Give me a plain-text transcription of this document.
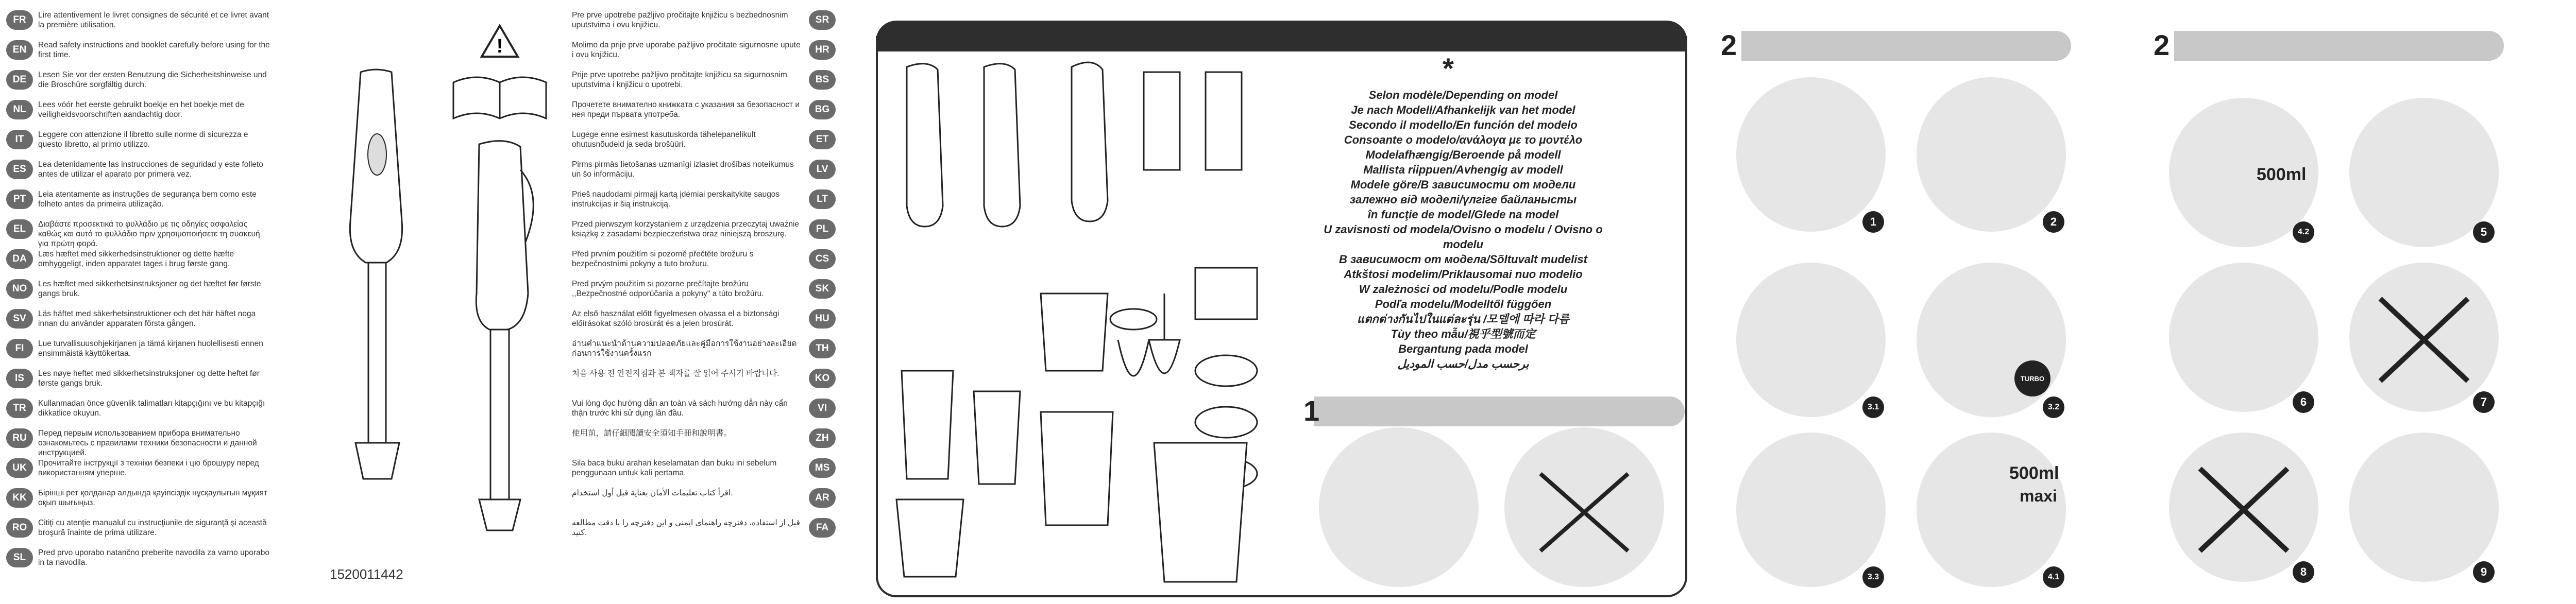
FR	Lire attentivement le livret consignes de sécurité et ce livret avant la première utilisation.
EN	Read safety instructions and booklet carefully before using for the first time.
DE	Lesen Sie vor der ersten Benutzung die Sicherheitshinweise und die Broschüre sorgfältig durch.
NL	Lees vóór het eerste gebruikt boekje en het boekje met de veiligheidsvoorschriften aandachtig door.
IT	Leggere con attenzione il libretto sulle norme di sicurezza e questo libretto, al primo utilizzo.
ES	Lea detenidamente las instrucciones de seguridad y este folleto antes de utilizar el aparato por primera vez.
PT	Leia atentamente as instruções de segurança bem como este folheto antes da primeira utilização.
EL	Διαβάστε προσεκτικά το φυλλάδιο με τις οδηγίες ασφαλείας καθώς και αυτό το φυλλάδιο πριν χρησιμοποιήσετε τη συσκευή για πρώτη φορά.
DA	Læs hæftet med sikkerhedsinstruktioner og dette hæfte omhyggeligt, inden apparatet tages i brug første gang.
NO	Les hæftet med sikkerhetsinstruksjoner og det hæftet før første gangs bruk.
SV	Läs häftet med säkerhetsinstruktioner och det här häftet noga innan du använder apparaten första gången.
FI	Lue turvallisuusohjekirjanen ja tämä kirjanen huolellisesti ennen ensimmäistä käyttökertaa.
IS	Les nøye heftet med sikkerhetsinstruksjoner og dette heftet før første gangs bruk.
TR	Kullanmadan önce güvenlik talimatları kitapçığını ve bu kitapçığı dikkatlice okuyun.
RU	Перед первым использованием прибора внимательно ознакомьтесь с правилами техники безопасности и данной инструкцией.
UK	Прочитайте інструкції з техніки безпеки і цю брошуру перед використанням уперше.
KK	Бірінші рет қолданар алдында қауіпсіздік нұсқаулығын мұқият оқып шығыңыз.
RO	Citiţi cu atenţie manualul cu instrucţiunile de siguranţă şi această broşură înainte de prima utilizare.
SL	Pred prvo uporabo natančno preberite navodila za varno uporabo in ta navodila.
1520011442
!
Pre prve upotrebe pažljivo pročitajte knjižicu s bezbednosnim uputstvima i ovu knjižicu.	SR
Molimo da prije prve uporabe pažljivo pročitate sigurnosne upute i ovu knjižicu.	HR
Prije prve upotrebe pažljivo pročitajte knjižicu sa sigurnosnim uputstvima i knjižicu o upotrebi.	BS
Прочетете внимателно книжката с указания за безопасност и нея преди първата употреба.	BG
Lugege enne esimest kasutuskorda tähelepanelikult ohutusnõudeid ja seda brošüüri.	ET
Pirms pirmās lietošanas uzmanīgi izlasiet drošības noteikumus un šo informāciju.	LV
Prieš naudodami pirmąjį kartą įdėmiai perskaitykite saugos instrukcijas ir šią instrukciją.	LT
Przed pierwszym korzystaniem z urządzenia przeczytaj uważnie książkę z zasadami bezpieczeństwa oraz niniejszą broszurę.	PL
Před prvním použitím si pozorně přečtěte brožuru s bezpečnostními pokyny a tuto brožuru.	CS
Pred prvým použitím si pozorne prečítajte brožúru ,,Bezpečnostné odporúčania a pokyny" a túto brožúru.	SK
Az első használat előtt figyelmesen olvassa el a biztonsági előírásokat szóló brosúrát és a jelen brosúrát.	HU
อ่านคำแนะนำด้านความปลอดภัยและคู่มือการใช้งานอย่างละเอียดก่อนการใช้งานครั้งแรก	TH
처음 사용 전 안전지침과 본 책자를 잘 읽어 주시기 바랍니다.	KO
Vui lòng đọc hướng dẫn an toàn và sách hướng dẫn này cẩn thận trước khi sử dụng lần đầu.	VI
使用前，請仔細閱讀安全須知手冊和說明書。	ZH
Sila baca buku arahan keselamatan dan buku ini sebelum penggunaan untuk kali pertama.	MS
اقرأ كتاب تعليمات الأمان بعناية قبل أول استخدام.	AR
قبل از استفاده، دفترچه راهنمای ایمنی و این دفترچه را با دقت مطالعه کنید.	FA
*
Selon modèle/Depending on model
Je nach Modell/Afhankelijk van het model
Secondo il modello/En función del modelo
Consoante o modelo/ανάλογα με το μοντέλο
Modelafhængig/Beroende på modell
Mallista riippuen/Avhengig av modell
Modele göre/В зависимости от модели
залежно від моделі/үлгіге байланысты
în funcţie de model/Glede na model
U zavisnosti od modela/Ovisno o modelu / Ovisno o modelu
В зависимост от модела/Sõltuvalt mudelist
Atkštosi modelim/Priklausomai nuo modelio
W zależności od modelu/Podle modelu
Podľa modelu/Modelltől függően
แตกต่างกันไปในแต่ละรุ่น /모델에 따라 다름
Tùy theo mẫu/視乎型號而定
Bergantung pada model
برحسب مدل/حسب الموديل
1
2
1	2
3.1	3.2
3.3	4.1
TURBO
500ml
maxi
2
500ml
4.2	5
6	7
8	9
